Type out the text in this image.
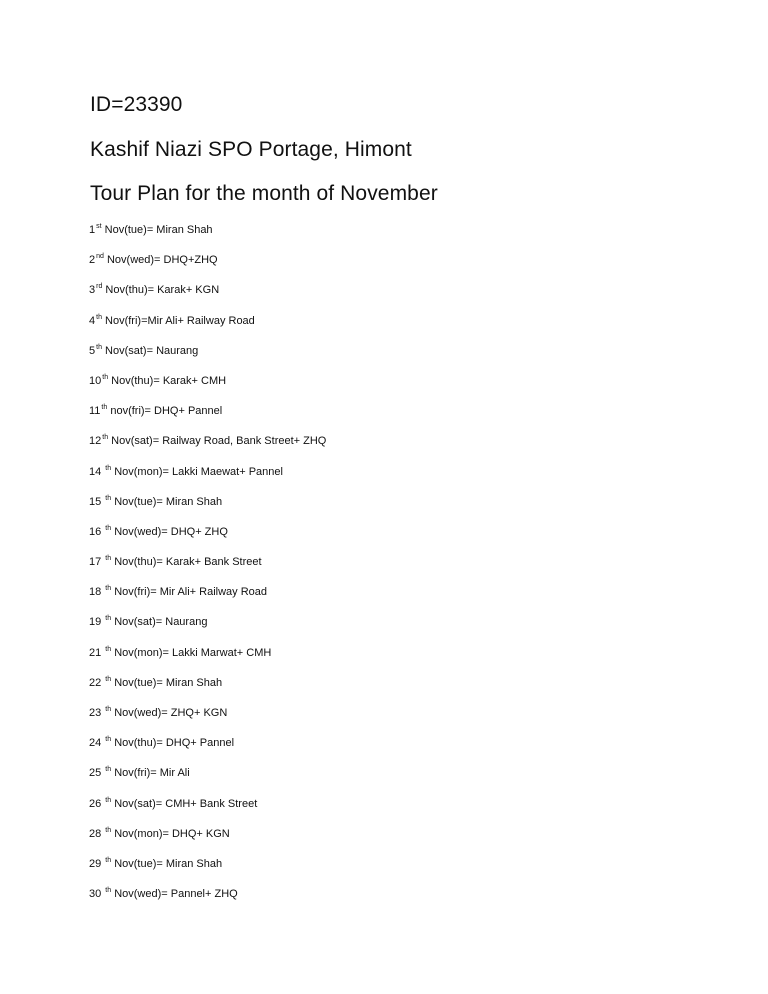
ID=23390
Kashif Niazi SPO Portage, Himont
Tour Plan for the month of November
1st Nov(tue)= Miran Shah
2nd Nov(wed)= DHQ+ZHQ
3rd Nov(thu)= Karak+ KGN
4th Nov(fri)=Mir Ali+ Railway Road
5th Nov(sat)= Naurang
10th Nov(thu)= Karak+ CMH
11th nov(fri)= DHQ+ Pannel
12th Nov(sat)= Railway Road, Bank Street+ ZHQ
14 $^{th}$ Nov(mon)= Lakki Maewat+ Pannel
15 $^{th}$ Nov(tue)= Miran Shah
16 $^{th}$ Nov(wed)= DHQ+ ZHQ
17 $^{th}$ Nov(thu)= Karak+ Bank Street
18 $^{th}$ Nov(fri)= Mir Ali+ Railway Road
19 $^{th}$ Nov(sat)= Naurang
21 $^{th}$ Nov(mon)= Lakki Marwat+ CMH
22 $^{th}$ Nov(tue)= Miran Shah
23 $^{th}$ Nov(wed)= ZHQ+ KGN
24 $^{th}$ Nov(thu)= DHQ+ Pannel
25 $^{th}$ Nov(fri)= Mir Ali
26 $^{th}$ Nov(sat)= CMH+ Bank Street
28 $^{th}$ Nov(mon)= DHQ+ KGN
29 $^{th}$ Nov(tue)= Miran Shah
30 $^{th}$ Nov(wed)= Pannel+ ZHQ
